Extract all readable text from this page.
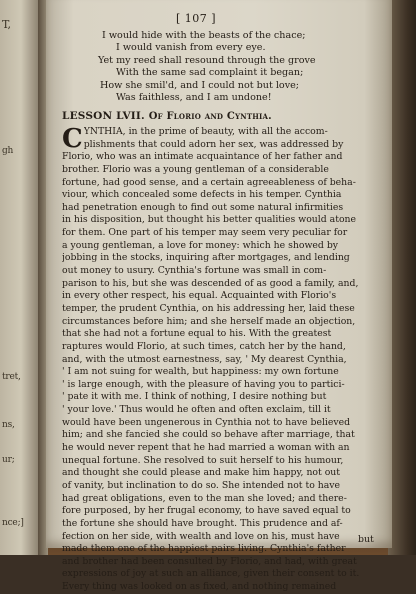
T,
gh
tret,
ns,
ur;
nce;]
[ 107 ]
I would hide with the beasts of the chace;
I would vanish from every eye.
Yet my reed shall resound through the grove
With the same sad complaint it began;
How she smil'd, and I could not but love;
Was faithless, and I am undone!
LESSON LVII. Of Florio and Cynthia.
C YNTHIA, in the prime of beauty, with all the accom-
plishments that could adorn her sex, was addressed by
Florio, who was an intimate acquaintance of her father and
brother. Florio was a young gentleman of a considerable
fortune, had good sense, and a certain agreeableness of beha-
viour, which concealed some defects in his temper. Cynthia
had penetration enough to find out some natural infirmities
in his disposition, but thought his better qualities would atone
for them. One part of his temper may seem very peculiar for
a young gentleman, a love for money: which he showed by
jobbing in the stocks, inquiring after mortgages, and lending
out money to usury. Cynthia's fortune was small in com-
parison to his, but she was descended of as good a family, and,
in every other respect, his equal. Acquainted with Florio's
temper, the prudent Cynthia, on his addressing her, laid these
circumstances before him; and she herself made an objection,
that she had not a fortune equal to his. With the greatest
raptures would Florio, at such times, catch her by the hand,
and, with the utmost earnestness, say, ' My dearest Cynthia,
' I am not suing for wealth, but happiness: my own fortune
' is large enough, with the pleasure of having you to partici-
' pate it with me. I think of nothing, I desire nothing but
' your love.' Thus would he often and often exclaim, till it
would have been ungenerous in Cynthia not to have believed
him; and she fancied she could so behave after marriage, that
he would never repent that he had married a woman with an
unequal fortune. She resolved to suit herself to his humour,
and thought she could please and make him happy, not out
of vanity, but inclination to do so. She intended not to have
had great obligations, even to the man she loved; and there-
fore purposed, by her frugal economy, to have saved equal to
the fortune she should have brought. This prudence and af-
fection on her side, with wealth and love on his, must have
made them one of the happiest pairs living. Cynthia's father
and brother had been consulted by Florio, and had, with great
expressions of joy at such an alliance, given their consent to it.
Every thing was looked on as fixed, and nothing remained
but
